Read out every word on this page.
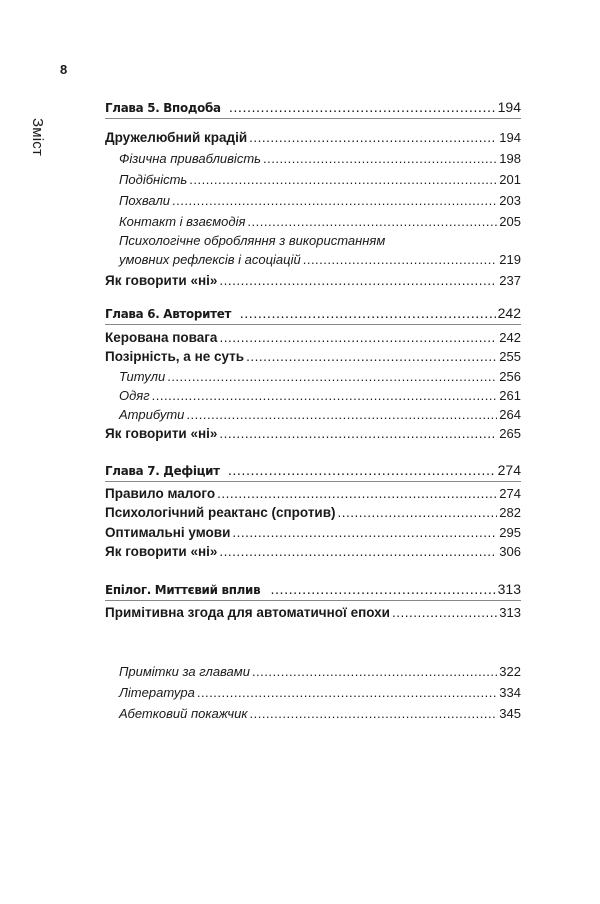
8
Зміст
Глава 5. Вподоба .....	194
Дружелюбний крадій .....	194
Фізична привабливість .....	198
Подібність .....	201
Похвали .....	203
Контакт і взаємодія .....	205
Психологічне обробляння з використанням
умовних рефлексів і асоціацій .....	219
Як говорити «ні» .....	237
Глава 6. Авторитет .....	242
Керована повага .....	242
Позірність, а не суть .....	255
Титули .....	256
Одяг .....	261
Атрибути .....	264
Як говорити «ні» .....	265
Глава 7. Дефіцит .....	274
Правило малого .....	274
Психологічний реактанс (спротив) .....	282
Оптимальні умови .....	295
Як говорити «ні» .....	306
Епілог. Миттєвий вплив .....	313
Примітивна згода для автоматичної епохи .....	313
Примітки за главами .....	322
Література .....	334
Абетковий покажчик .....	345
